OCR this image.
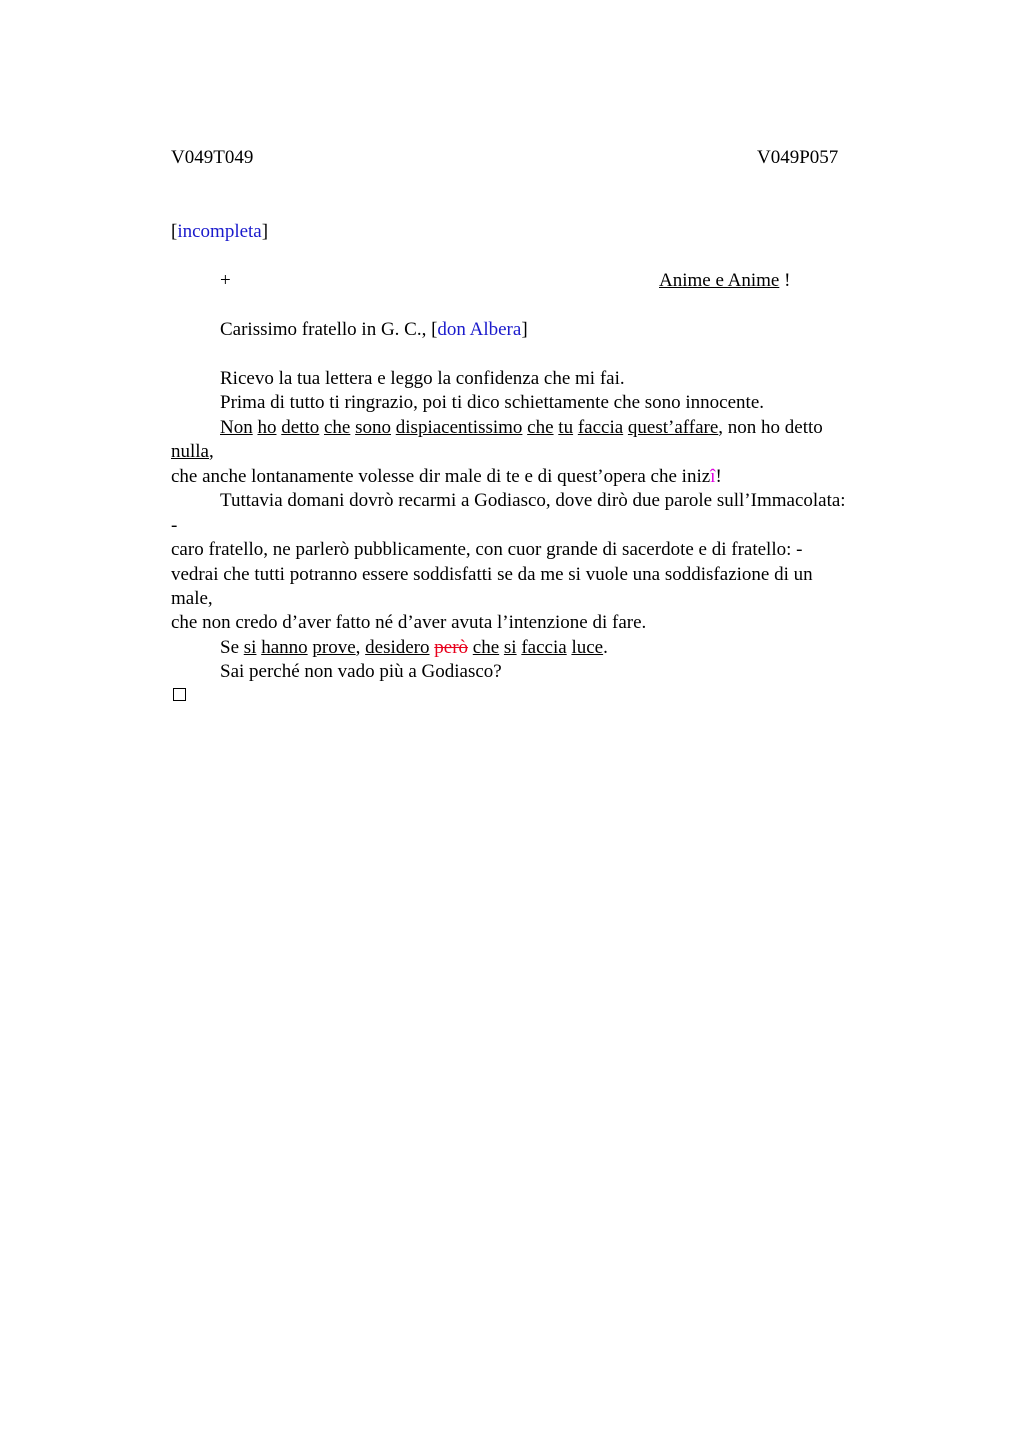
V049T049	V049P057
[incompleta]
+	Anime e Anime !
Carissimo fratello in G. C., [don Albera]
Ricevo la tua lettera e leggo la confidenza che mi fai.
Prima di tutto ti ringrazio, poi ti dico schiettamente che sono innocente.
Non ho detto che sono dispiacentissimo che tu faccia quest’affare, non ho detto
nulla,
che anche lontanamente volesse dir male di te e di quest’opera che inizî!
Tuttavia domani dovrò recarmi a Godiasco, dove dirò due parole sull’Immacolata:
-
caro fratello, ne parlerò pubblicamente, con cuor grande di sacerdote e di fratello: -
vedrai che tutti potranno essere soddisfatti se da me si vuole una soddisfazione di un
male,
che non credo d’aver fatto né d’aver avuta l’intenzione di fare.
Se si hanno prove, desidero però che si faccia luce.
Sai perché non vado più a Godiasco?
